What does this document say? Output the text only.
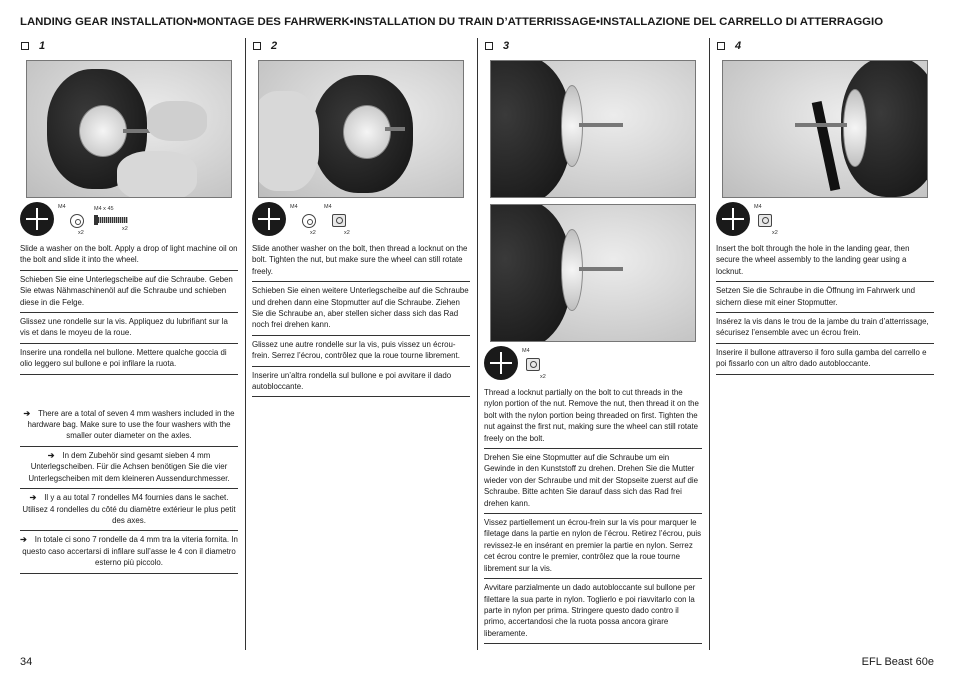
LANDING GEAR INSTALLATION•MONTAGE DES FAHRWERK•INSTALLATION DU TRAIN D’ATTERRISSAGE•INSTALLAZIONE DEL CARRELLO DI ATTERRAGGIO
1
M4
x2
M4 x 45
x2
Slide a washer on the bolt. Apply a drop of light machine oil on the bolt and slide it into the wheel.
Schieben Sie eine Unterlegscheibe auf die Schraube. Geben Sie etwas Nähmaschinenöl auf die Schraube und schieben diese in die Felge.
Glissez une rondelle sur la vis. Appliquez du lubrifiant sur la vis et dans le moyeu de la roue.
Inserire una rondella nel bullone. Mettere qualche goccia di olio leggero sul bullone e poi infilare la ruota.
➔ There are a total of seven 4 mm washers included in the hardware bag. Make sure to use the four washers with the smaller outer diameter on the axles.
➔ In dem Zubehör sind gesamt sieben 4 mm Unterlegscheiben. Für die Achsen benötigen Sie die vier Unterlegscheiben mit dem kleineren Aussendurchmesser.
➔ Il y a au total 7 rondelles M4 fournies dans le sachet. Utilisez 4 rondelles du côté du diamètre extérieur le plus petit des axes.
➔ In totale ci sono 7 rondelle da 4 mm tra la viteria fornita. In questo caso accertarsi di infilare sull’asse le 4 con il diametro esterno più piccolo.
2
M4
x2
M4
x2
Slide another washer on the bolt, then thread a locknut on the bolt. Tighten the nut, but make sure the wheel can still rotate freely.
Schieben Sie einen weitere Unterlegscheibe auf die Schraube und drehen dann eine Stopmutter auf die Schraube. Ziehen Sie die Schraube an, aber stellen sicher dass sich das Rad noch frei drehen kann.
Glissez une autre rondelle sur la vis, puis vissez un écrou-frein. Serrez l’écrou, contrôlez que la roue tourne librement.
Inserire un’altra rondella sul bullone e poi avvitare il dado autobloccante.
3
M4
x2
Thread a locknut partially on the bolt to cut threads in the nylon portion of the nut. Remove the nut, then thread it on the bolt with the nylon portion being threaded on first. Tighten the nut against the first nut, making sure the wheel can still rotate freely on the bolt.
Drehen Sie eine Stopmutter auf die Schraube um ein Gewinde in den Kunststoff zu drehen. Drehen Sie die Mutter wieder von der Schraube und mit der Stopseite zuerst auf die Schraube. Bitte achten Sie darauf dass sich das Rad frei drehen kann.
Vissez partiellement un écrou-frein sur la vis pour marquer le filetage dans la partie en nylon de l’écrou. Retirez l’écrou, puis revissez-le en insérant en premier la partie en nylon. Serrez cet écrou contre le premier, contrôlez que la roue tourne librement sur la vis.
Avvitare parzialmente un dado autobloccante sul bullone per filettare la sua parte in nylon. Toglierlo e poi riavvitarlo con la parte in nylon per prima. Stringere questo dado contro il primo, accertandosi che la ruota possa ancora girare liberamente.
4
M4
x2
Insert the bolt through the hole in the landing gear, then secure the wheel assembly to the landing gear using a locknut.
Setzen Sie die Schraube in die Öffnung im Fahrwerk und sichern diese mit einer Stopmutter.
Insérez la vis dans le trou de la jambe du train d’atterrissage, sécurisez l’ensemble avec un écrou frein.
Inserire il bullone attraverso il foro sulla gamba del carrello e poi fissarlo con un altro dado autobloccante.
34	EFL Beast 60e
